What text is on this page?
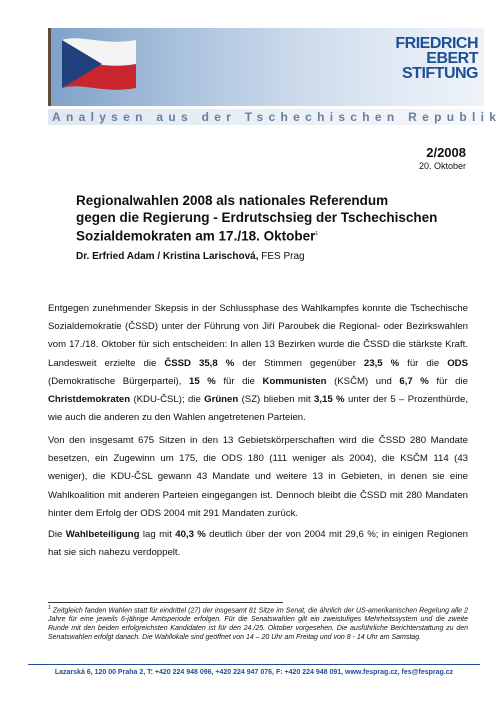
FRIEDRICH
EBERT
STIFTUNG
Analysen aus der Tschechischen Republik
2/2008
20. Oktober
Regionalwahlen 2008 als nationales Referendum
gegen die Regierung - Erdrutschsieg der Tschechischen
Sozialdemokraten am 17./18. Oktober$^1$
Dr. Erfried Adam / Kristina Larischová, FES Prag

Entgegen zunehmender Skepsis in der Schlussphase des Wahlkampfes konnte die Tschechische Sozialdemokratie (ČSSD) unter der Führung von Jiří Paroubek die Regional- oder Bezirkswahlen vom 17./18. Oktober für sich entscheiden: In allen 13 Bezirken wurde die ČSSD die stärkste Kraft. Landesweit erzielte die ČSSD 35,8 % der Stimmen gegenüber 23,5 % für die ODS (Demokratische Bürgerpartei), 15 % für die Kommunisten (KSČM) und 6,7 % für die Christdemokraten (KDU-ČSL); die Grünen (SZ) blieben mit 3,15 % unter der 5 – Prozenthürde, wie auch die anderen zu den Wahlen angetretenen Parteien.

Von den insgesamt 675 Sitzen in den 13 Gebietskörperschaften wird die ČSSD 280 Mandate besetzen, ein Zugewinn um 175, die ODS 180 (111 weniger als 2004), die KSČM 114 (43 weniger), die KDU-ČSL gewann 43 Mandate und weitere 13 in Gebieten, in denen sie eine Wahlkoalition mit anderen Parteien eingegangen ist. Dennoch bleibt die ČSSD mit 280 Mandaten hinter dem Erfolg der ODS 2004 mit 291 Mandaten zurück.

Die Wahlbeteiligung lag mit 40,3 % deutlich über der von 2004 mit 29,6 %; in einigen Regionen hat sie sich nahezu verdoppelt.

$^1$ Zeitgleich fanden Wahlen statt für eindrittel (27) der insgesamt 81 Sitze im Senat, die ähnlich der US-amerikanischen Regelung alle 2 Jahre für eine jeweils 6-jährige Amtsperiode erfolgen. Für die Senatswahlen gilt ein zweistufiges Mehrheitssystem und die zweite Runde mit den beiden erfolgreichsten Kandidaten ist für den 24./25. Oktober vorgesehen. Die ausführliche Berichterstattung zu den Senatswahlen erfolgt danach. Die Wahllokale sind geöffnet von 14 – 20 Uhr am Freitag und von 8 - 14 Uhr am Samstag.
Lazarská 6, 120 00 Praha 2, T: +420 224 948 096, +420 224 947 076, F: +420 224 948 091, www.fesprag.cz, fes@fesprag.cz
